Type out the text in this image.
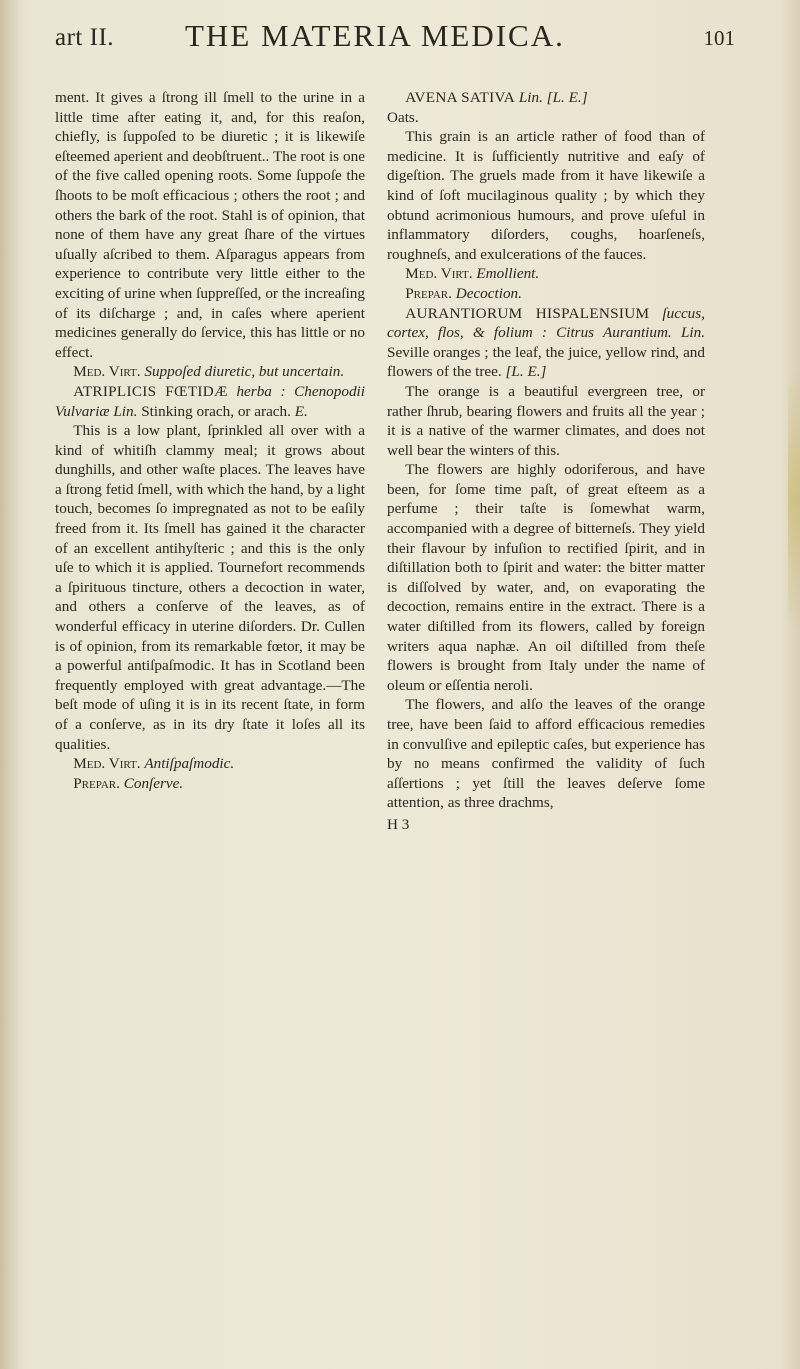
art II. THE MATERIA MEDICA.	101

ment. It gives a ſtrong ill ſmell to the urine in a little time after eating it, and, for this reaſon, chiefly, is ſuppoſed to be diuretic ; it is likewiſe eſteemed aperient and deobſtruent.. The root is one of the five called opening roots. Some ſuppoſe the ſhoots to be moſt efficacious ; others the root ; and others the bark of the root. Stahl is of opinion, that none of them have any great ſhare of the virtues uſually aſcribed to them. Aſparagus appears from experience to contribute very little either to the exciting of urine when ſuppreſſed, or the increaſing of its diſcharge ; and, in caſes where aperient medicines generally do ſervice, this has little or no effect.

Med. Virt. Suppoſed diuretic, but uncertain.

ATRIPLICIS FŒTIDÆ herba : Chenopodii Vulvariæ Lin. Stinking orach, or arach. E.

This is a low plant, ſprinkled all over with a kind of whitiſh clammy meal; it grows about dunghills, and other waſte places. The leaves have a ſtrong fetid ſmell, with which the hand, by a light touch, becomes ſo impregnated as not to be eaſily freed from it. Its ſmell has gained it the character of an excellent antihyſteric ; and this is the only uſe to which it is applied. Tournefort recommends a ſpirituous tincture, others a decoction in water, and others a conſerve of the leaves, as of wonderful efficacy in uterine diſorders. Dr. Cullen is of opinion, from its remarkable fœtor, it may be a powerful antiſpaſmodic. It has in Scotland been frequently employed with great advantage.—The beſt mode of uſing it is in its recent ſtate, in form of a conſerve, as in its dry ſtate it loſes all its qualities.

Med. Virt. Antiſpaſmodic.

Prepar. Conſerve.

AVENA SATIVA Lin. [L. E.]

Oats.

This grain is an article rather of food than of medicine. It is ſufficiently nutritive and eaſy of digeſtion. The gruels made from it have likewiſe a kind of ſoft mucilaginous quality ; by which they obtund acrimonious humours, and prove uſeful in inflammatory diſorders, coughs, hoarſeneſs, roughneſs, and exulcerations of the fauces.

Med. Virt. Emollient.

Prepar. Decoction.

AURANTIORUM HISPALENSIUM ſuccus, cortex, flos, & folium : Citrus Aurantium. Lin. Seville oranges ; the leaf, the juice, yellow rind, and flowers of the tree. [L. E.]

The orange is a beautiful evergreen tree, or rather ſhrub, bearing flowers and fruits all the year ; it is a native of the warmer climates, and does not well bear the winters of this.

The flowers are highly odoriferous, and have been, for ſome time paſt, of great eſteem as a perfume ; their taſte is ſomewhat warm, accompanied with a degree of bitterneſs. They yield their flavour by infuſion to rectified ſpirit, and in diſtillation both to ſpirit and water: the bitter matter is diſſolved by water, and, on evaporating the decoction, remains entire in the extract. There is a water diſtilled from its flowers, called by foreign writers aqua naphæ. An oil diſtilled from theſe flowers is brought from Italy under the name of oleum or eſſentia neroli.

The flowers, and alſo the leaves of the orange tree, have been ſaid to afford efficacious remedies in convulſive and epileptic caſes, but experience has by no means confirmed the validity of ſuch aſſertions ; yet ſtill the leaves deſerve ſome attention, as three drachms,

H 3
